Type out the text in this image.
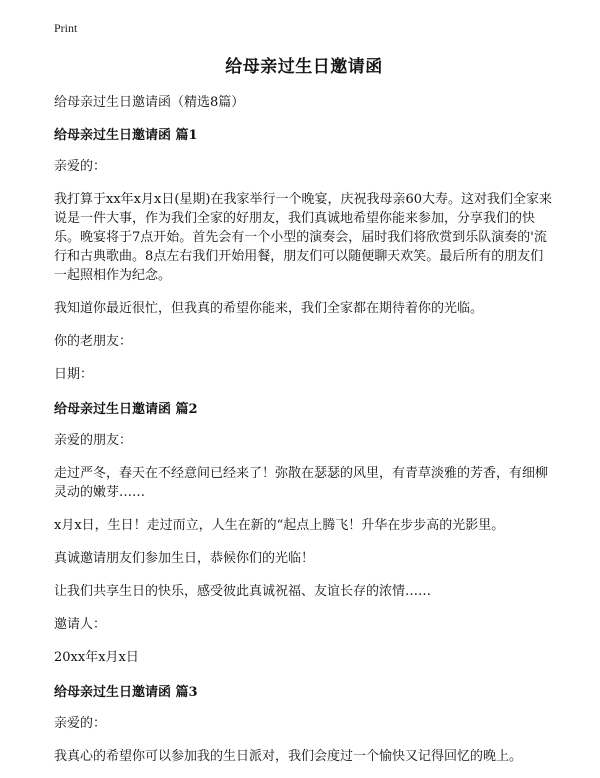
Print
给母亲过生日邀请函
给母亲过生日邀请函（精选8篇）
给母亲过生日邀请函 篇1
亲爱的：
我打算于xx年x月x日(星期)在我家举行一个晚宴，庆祝我母亲60大寿。这对我们全家来说是一件大事，作为我们全家的好朋友，我们真诚地希望你能来参加，分享我们的快乐。晚宴将于7点开始。首先会有一个小型的演奏会，届时我们将欣赏到乐队演奏的'流行和古典歌曲。8点左右我们开始用餐，朋友们可以随便聊天欢笑。最后所有的朋友们一起照相作为纪念。
我知道你最近很忙，但我真的希望你能来，我们全家都在期待着你的光临。
你的老朋友：
日期：
给母亲过生日邀请函 篇2
亲爱的朋友：
走过严冬，春天在不经意间已经来了！弥散在瑟瑟的风里，有青草淡雅的芳香，有细柳灵动的嫩芽……
x月x日，生日！走过而立，人生在新的“起点上腾飞！升华在步步高的光影里。
真诚邀请朋友们参加生日，恭候你们的光临！
让我们共享生日的快乐，感受彼此真诚祝福、友谊长存的浓情……
邀请人：
20xx年x月x日
给母亲过生日邀请函 篇3
亲爱的：
我真心的希望你可以参加我的生日派对，我们会度过一个愉快又记得回忆的晚上。
